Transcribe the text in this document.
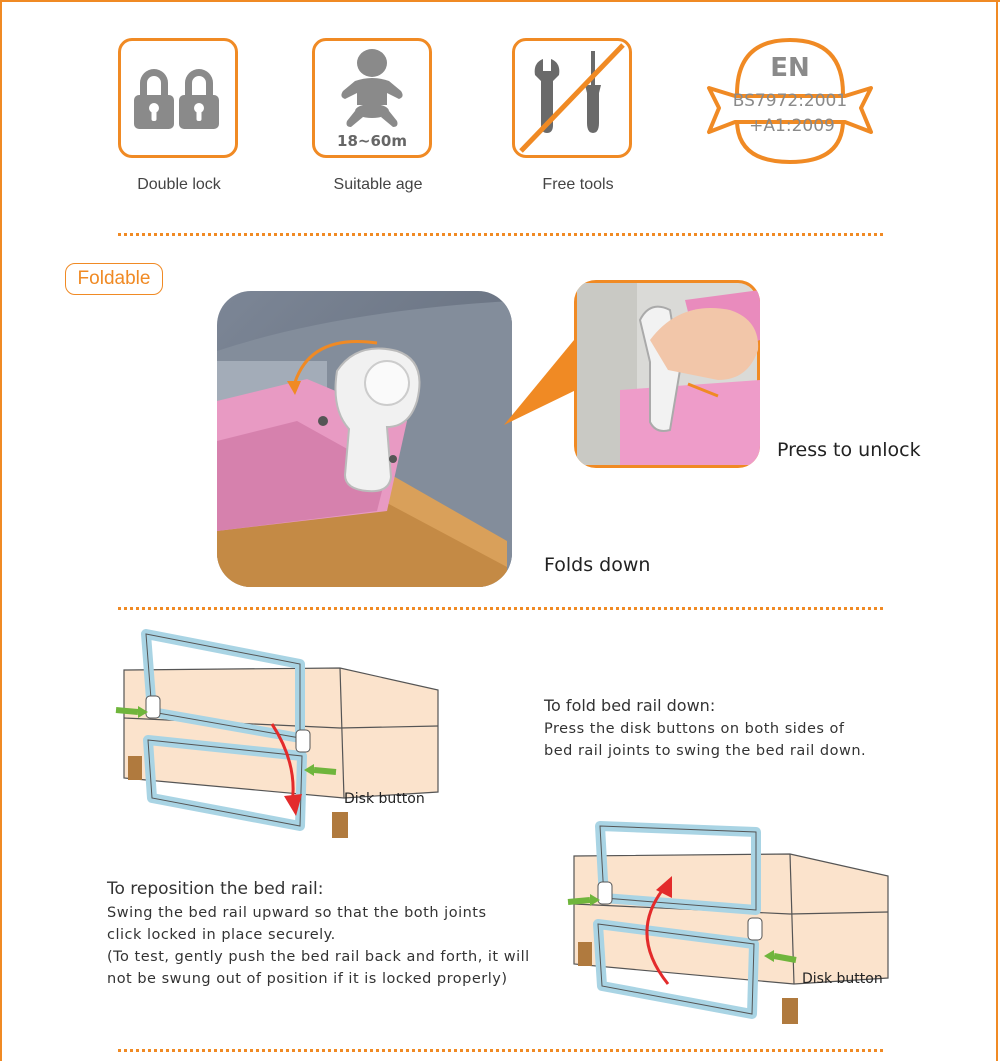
Double lock
18~60m
Suitable age	Free tools
EN
BS7972:2001
+A1:2009
Foldable
Press to unlock
Folds down
Disk button
To fold bed rail down:
Press the disk buttons on both sides of
bed rail joints to swing the bed rail down.
Disk button
To reposition the bed rail:
Swing the bed rail upward so that the both joints
click locked in place securely.
(To test, gently push the bed rail back and forth, it will
not be swung out of position if it is locked properly)
